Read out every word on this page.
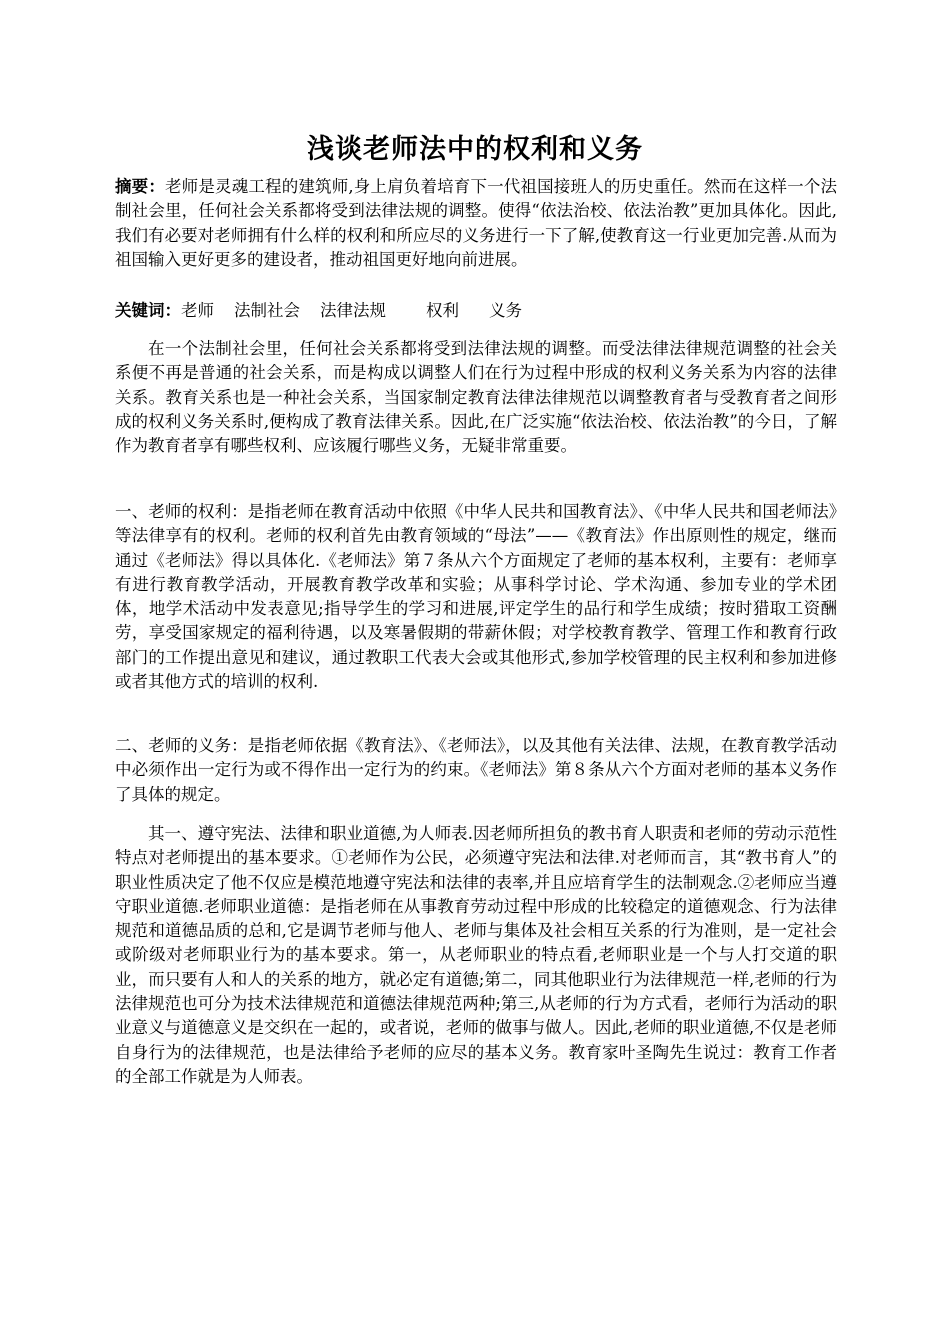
浅谈老师法中的权利和义务

摘要：老师是灵魂工程的建筑师,身上肩负着培育下一代祖国接班人的历史重任。然而在这样一个法制社会里，任何社会关系都将受到法律法规的调整。使得“依法治校、依法治教”更加具体化。因此,我们有必要对老师拥有什么样的权利和所应尽的义务进行一下了解,使教育这一行业更加完善.从而为祖国输入更好更多的建设者，推动祖国更好地向前进展。

关键词：老师 法制社会 法律法规 权利 义务

在一个法制社会里，任何社会关系都将受到法律法规的调整。而受法律法律规范调整的社会关系便不再是普通的社会关系，而是构成以调整人们在行为过程中形成的权利义务关系为内容的法律关系。教育关系也是一种社会关系，当国家制定教育法律法律规范以调整教育者与受教育者之间形成的权利义务关系时,便构成了教育法律关系。因此,在广泛实施“依法治校、依法治教”的今日，了解作为教育者享有哪些权利、应该履行哪些义务，无疑非常重要。

一、老师的权利：是指老师在教育活动中依照《中华人民共和国教育法》、《中华人民共和国老师法》等法律享有的权利。老师的权利首先由教育领域的“母法”——《教育法》作出原则性的规定，继而通过《老师法》得以具体化.《老师法》第７条从六个方面规定了老师的基本权利，主要有：老师享有进行教育教学活动，开展教育教学改革和实验；从事科学讨论、学术沟通、参加专业的学术团体，地学术活动中发表意见;指导学生的学习和进展,评定学生的品行和学生成绩；按时猎取工资酬劳，享受国家规定的福利待遇，以及寒暑假期的带薪休假；对学校教育教学、管理工作和教育行政部门的工作提出意见和建议，通过教职工代表大会或其他形式,参加学校管理的民主权利和参加进修或者其他方式的培训的权利.

二、老师的义务：是指老师依据《教育法》、《老师法》，以及其他有关法律、法规，在教育教学活动中必须作出一定行为或不得作出一定行为的约束。《老师法》第８条从六个方面对老师的基本义务作了具体的规定。

其一、遵守宪法、法律和职业道德,为人师表.因老师所担负的教书育人职责和老师的劳动示范性特点对老师提出的基本要求。①老师作为公民，必须遵守宪法和法律.对老师而言，其“教书育人”的职业性质决定了他不仅应是模范地遵守宪法和法律的表率,并且应培育学生的法制观念.②老师应当遵守职业道德.老师职业道德：是指老师在从事教育劳动过程中形成的比较稳定的道德观念、行为法律规范和道德品质的总和,它是调节老师与他人、老师与集体及社会相互关系的行为准则，是一定社会或阶级对老师职业行为的基本要求。第一，从老师职业的特点看,老师职业是一个与人打交道的职业，而只要有人和人的关系的地方，就必定有道德;第二，同其他职业行为法律规范一样,老师的行为法律规范也可分为技术法律规范和道德法律规范两种;第三,从老师的行为方式看，老师行为活动的职业意义与道德意义是交织在一起的，或者说，老师的做事与做人。因此,老师的职业道德,不仅是老师自身行为的法律规范，也是法律给予老师的应尽的基本义务。教育家叶圣陶先生说过：教育工作者的全部工作就是为人师表。
